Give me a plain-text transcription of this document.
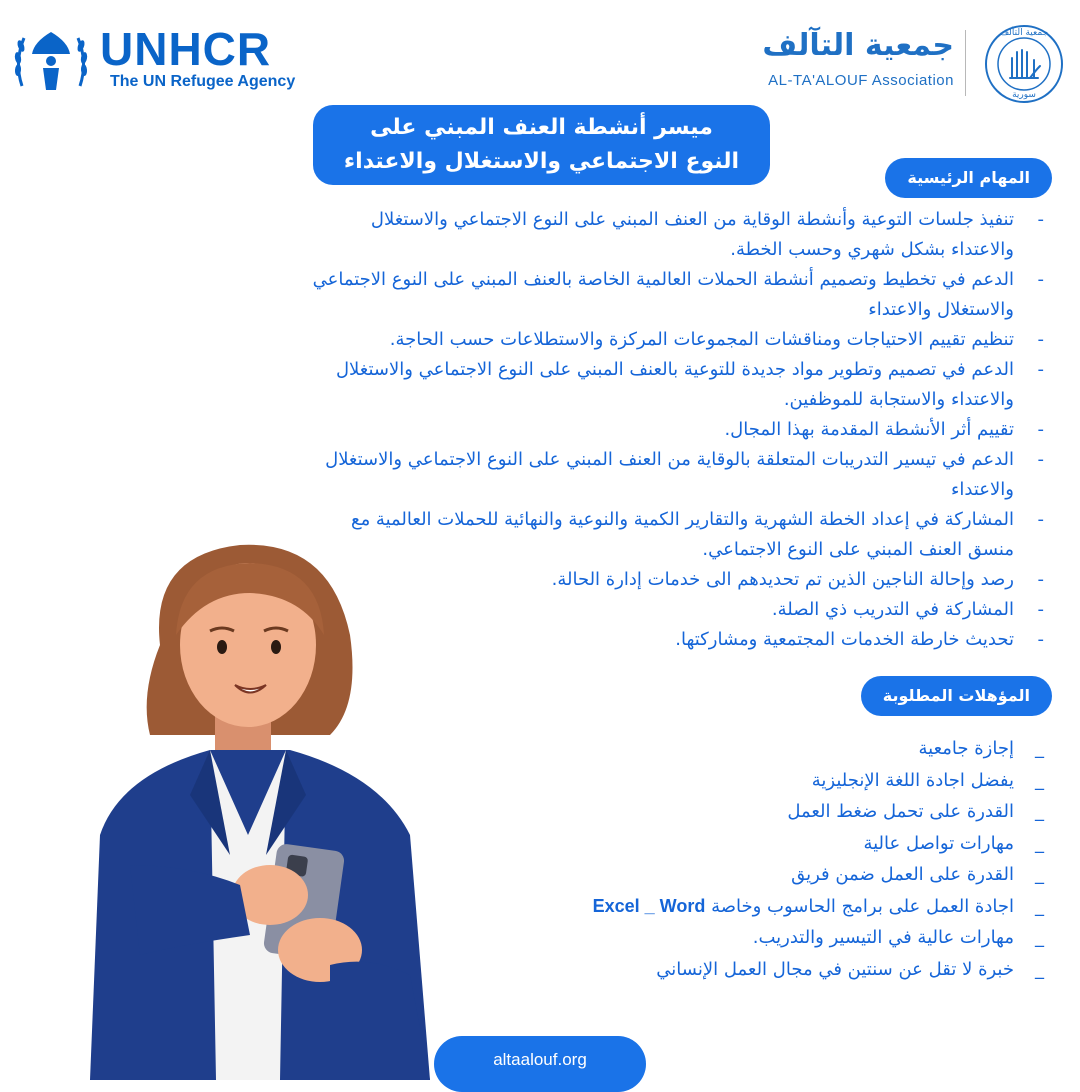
UNHCR
The UN Refugee Agency
جمعية التآلف
AL-TA'ALOUF Association
جمعية التآلف
سورية
ميسر أنشطة العنف المبني على
النوع الاجتماعي والاستغلال والاعتداء
المهام الرئيسية
-
تنفيذ جلسات التوعية وأنشطة الوقاية من العنف المبني على النوع الاجتماعي والاستغلال
والاعتداء بشكل شهري وحسب الخطة.
-
الدعم في تخطيط وتصميم أنشطة الحملات العالمية الخاصة بالعنف المبني على النوع الاجتماعي
والاستغلال والاعتداء
-
تنظيم تقييم الاحتياجات ومناقشات المجموعات المركزة والاستطلاعات حسب الحاجة.
-
الدعم في تصميم وتطوير مواد جديدة للتوعية بالعنف المبني على النوع الاجتماعي والاستغلال
والاعتداء والاستجابة للموظفين.
-
تقييم أثر الأنشطة المقدمة بهذا المجال.
-
الدعم في تيسير التدريبات المتعلقة بالوقاية من العنف المبني على النوع الاجتماعي والاستغلال
والاعتداء
-
المشاركة في إعداد الخطة الشهرية والتقارير الكمية والنوعية والنهائية للحملات العالمية مع
منسق العنف المبني على النوع الاجتماعي.
-
رصد وإحالة الناجين الذين تم تحديدهم الى خدمات إدارة الحالة.
-
المشاركة في التدريب ذي الصلة.
-
تحديث خارطة الخدمات المجتمعية ومشاركتها.
المؤهلات المطلوبة
_
إجازة جامعية
_
يفضل اجادة اللغة الإنجليزية
_
القدرة على تحمل ضغط العمل
_
مهارات تواصل عالية
_
القدرة على العمل ضمن فريق
_
اجادة العمل على برامج الحاسوب وخاصة Excel _ Word
_
مهارات عالية في التيسير والتدريب.
_
خبرة لا تقل عن سنتين في مجال العمل الإنساني
altaalouf.org
